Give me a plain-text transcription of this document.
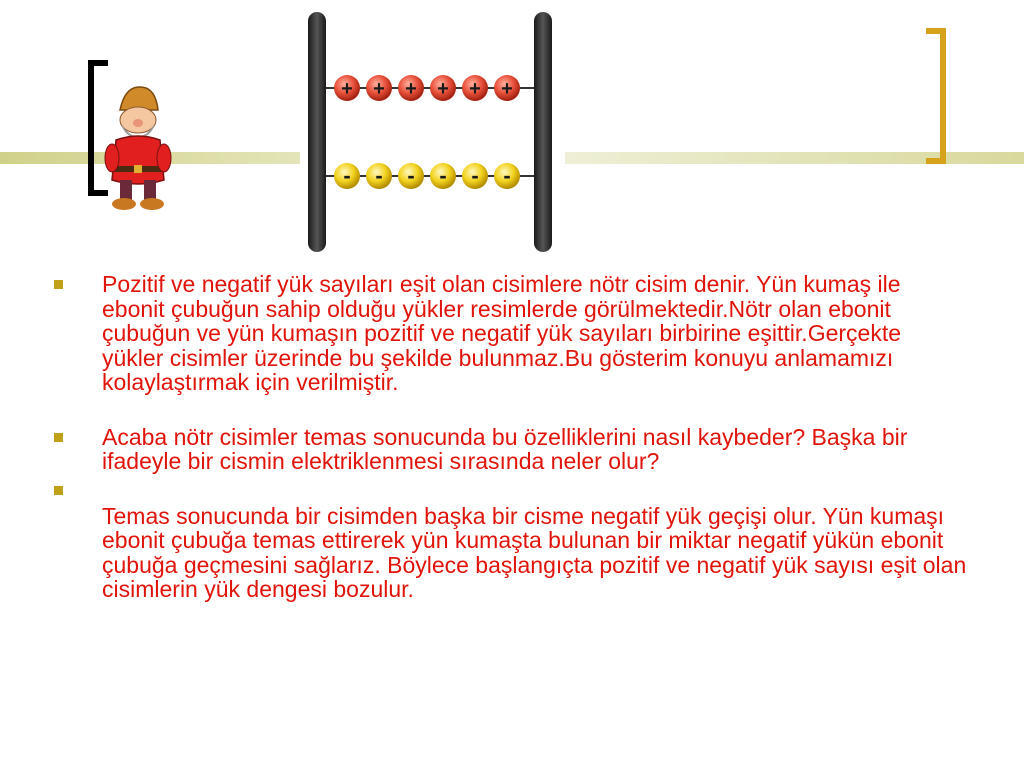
+ + + + + +
- - - - - -
Pozitif ve negatif yük sayıları eşit olan cisimlere nötr cisim denir. Yün kumaş ile ebonit çubuğun sahip olduğu yükler resimlerde görülmektedir.Nötr olan ebonit çubuğun ve yün kumaşın pozitif ve negatif yük sayıları birbirine eşittir.Gerçekte yükler cisimler üzerinde bu şekilde bulunmaz.Bu gösterim konuyu anlamamızı kolaylaştırmak için verilmiştir.
Acaba nötr cisimler temas sonucunda bu özelliklerini nasıl kaybeder? Başka bir ifadeyle bir cismin elektriklenmesi sırasında neler olur?
Temas sonucunda bir cisimden başka bir cisme negatif yük geçişi olur. Yün kumaşı ebonit çubuğa temas ettirerek yün kumaşta bulunan bir miktar negatif yükün ebonit çubuğa geçmesini sağlarız. Böylece başlangıçta pozitif ve negatif yük sayısı eşit olan cisimlerin yük dengesi bozulur.
